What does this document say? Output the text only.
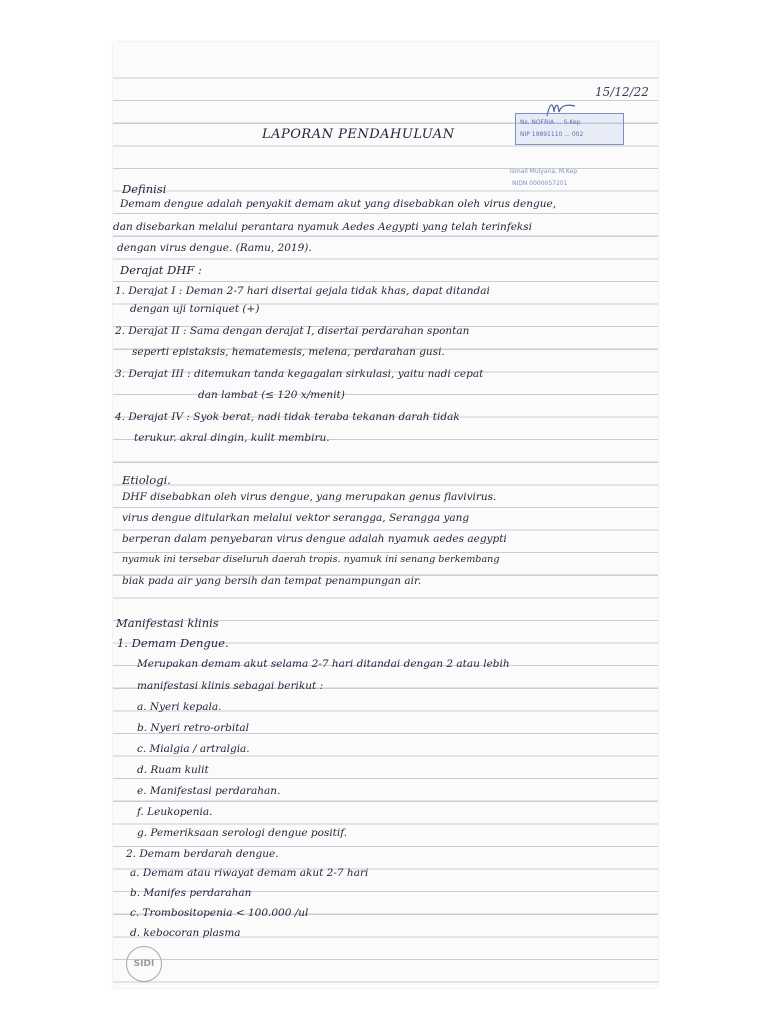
15/12/22
Ns. NOFRIA ... S.Kep
NIP 19891110 ... 002
Ismail Mulyana, M.Kep
NIDN 0000057201
LAPORAN PENDAHULUAN
Definisi
Demam dengue adalah penyakit demam akut yang disebabkan oleh virus dengue,
dan disebarkan melalui perantara nyamuk Aedes Aegypti yang telah terinfeksi
dengan virus dengue. (Ramu, 2019).
Derajat DHF :
1. Derajat I : Deman 2-7 hari disertai gejala tidak khas, dapat ditandai
dengan uji torniquet (+)
2. Derajat II : Sama dengan derajat I, disertai perdarahan spontan
seperti epistaksis, hematemesis, melena, perdarahan gusi.
3. Derajat III : ditemukan tanda kegagalan sirkulasi, yaitu nadi cepat
dan lambat (≤ 120 x/menit)
4. Derajat IV : Syok berat, nadi tidak teraba tekanan darah tidak
terukur. akral dingin, kulit membiru.
Etiologi.
DHF disebabkan oleh virus dengue, yang merupakan genus flavivirus.
virus dengue ditularkan melalui vektor serangga, Serangga yang
berperan dalam penyebaran virus dengue adalah nyamuk aedes aegypti
nyamuk ini tersebar diseluruh daerah tropis. nyamuk ini senang berkembang
biak pada air yang bersih dan tempat penampungan air.
Manifestasi klinis
1. Demam Dengue.
Merupakan demam akut selama 2-7 hari ditandai dengan 2 atau lebih
manifestasi klinis sebagai berikut :
a. Nyeri kepala.
b. Nyeri retro-orbital
c. Mialgia / artralgia.
d. Ruam kulit
e. Manifestasi perdarahan.
f. Leukopenia.
g. Pemeriksaan serologi dengue positif.
2. Demam berdarah dengue.
a. Demam atau riwayat demam akut 2-7 hari
b. Manifes perdarahan
c. Trombositopenia < 100.000 /ul
d. kebocoran plasma
SIDI
